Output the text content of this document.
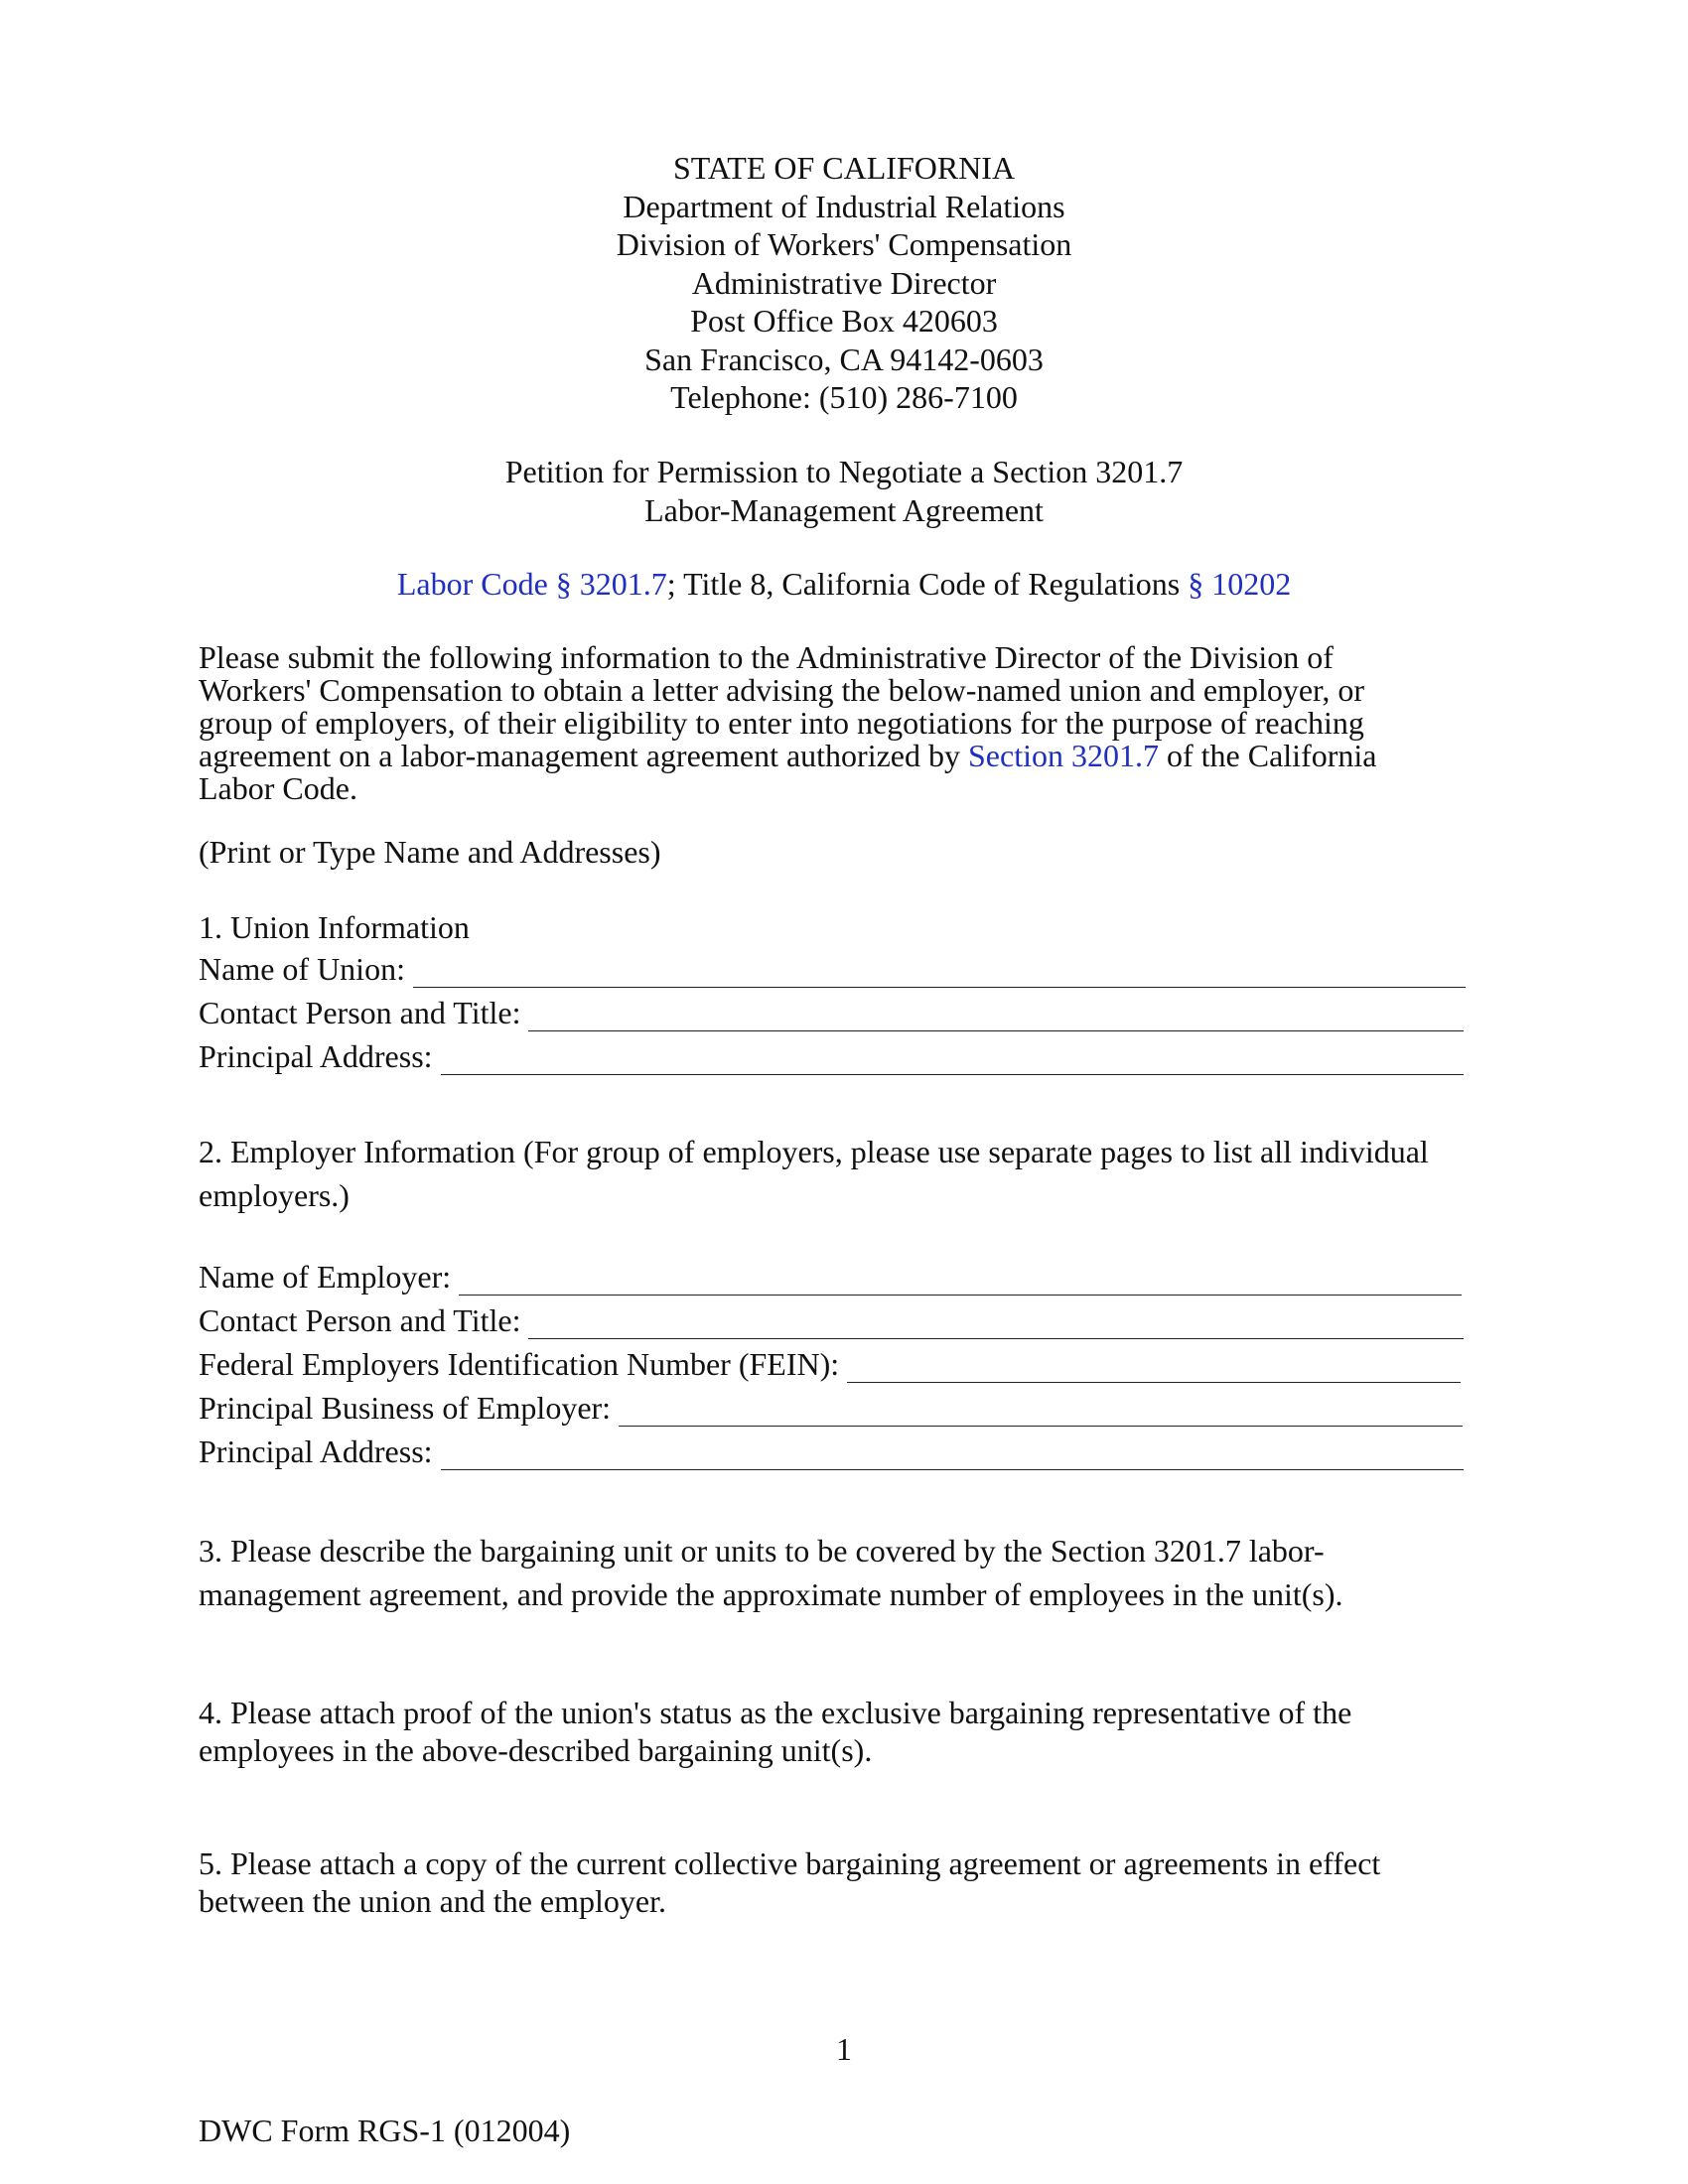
STATE OF CALIFORNIA
Department of Industrial Relations
Division of Workers' Compensation
Administrative Director
Post Office Box 420603
San Francisco, CA 94142-0603
Telephone: (510) 286-7100
Petition for Permission to Negotiate a Section 3201.7
Labor-Management Agreement
Labor Code § 3201.7; Title 8, California Code of Regulations § 10202
Please submit the following information to the Administrative Director of the Division of
Workers' Compensation to obtain a letter advising the below-named union and employer, or
group of employers, of their eligibility to enter into negotiations for the purpose of reaching
agreement on a labor-management agreement authorized by Section 3201.7 of the California
Labor Code.
(Print or Type Name and Addresses)
1. Union Information
Name of Union:
Contact Person and Title:
Principal Address:
2. Employer Information (For group of employers, please use separate pages to list all individual
employers.)
Name of Employer:
Contact Person and Title:
Federal Employers Identification Number (FEIN):
Principal Business of Employer:
Principal Address:
3. Please describe the bargaining unit or units to be covered by the Section 3201.7 labor-
management agreement, and provide the approximate number of employees in the unit(s).
4. Please attach proof of the union's status as the exclusive bargaining representative of the
employees in the above-described bargaining unit(s).
5. Please attach a copy of the current collective bargaining agreement or agreements in effect
between the union and the employer.
1
DWC Form RGS-1 (012004)
